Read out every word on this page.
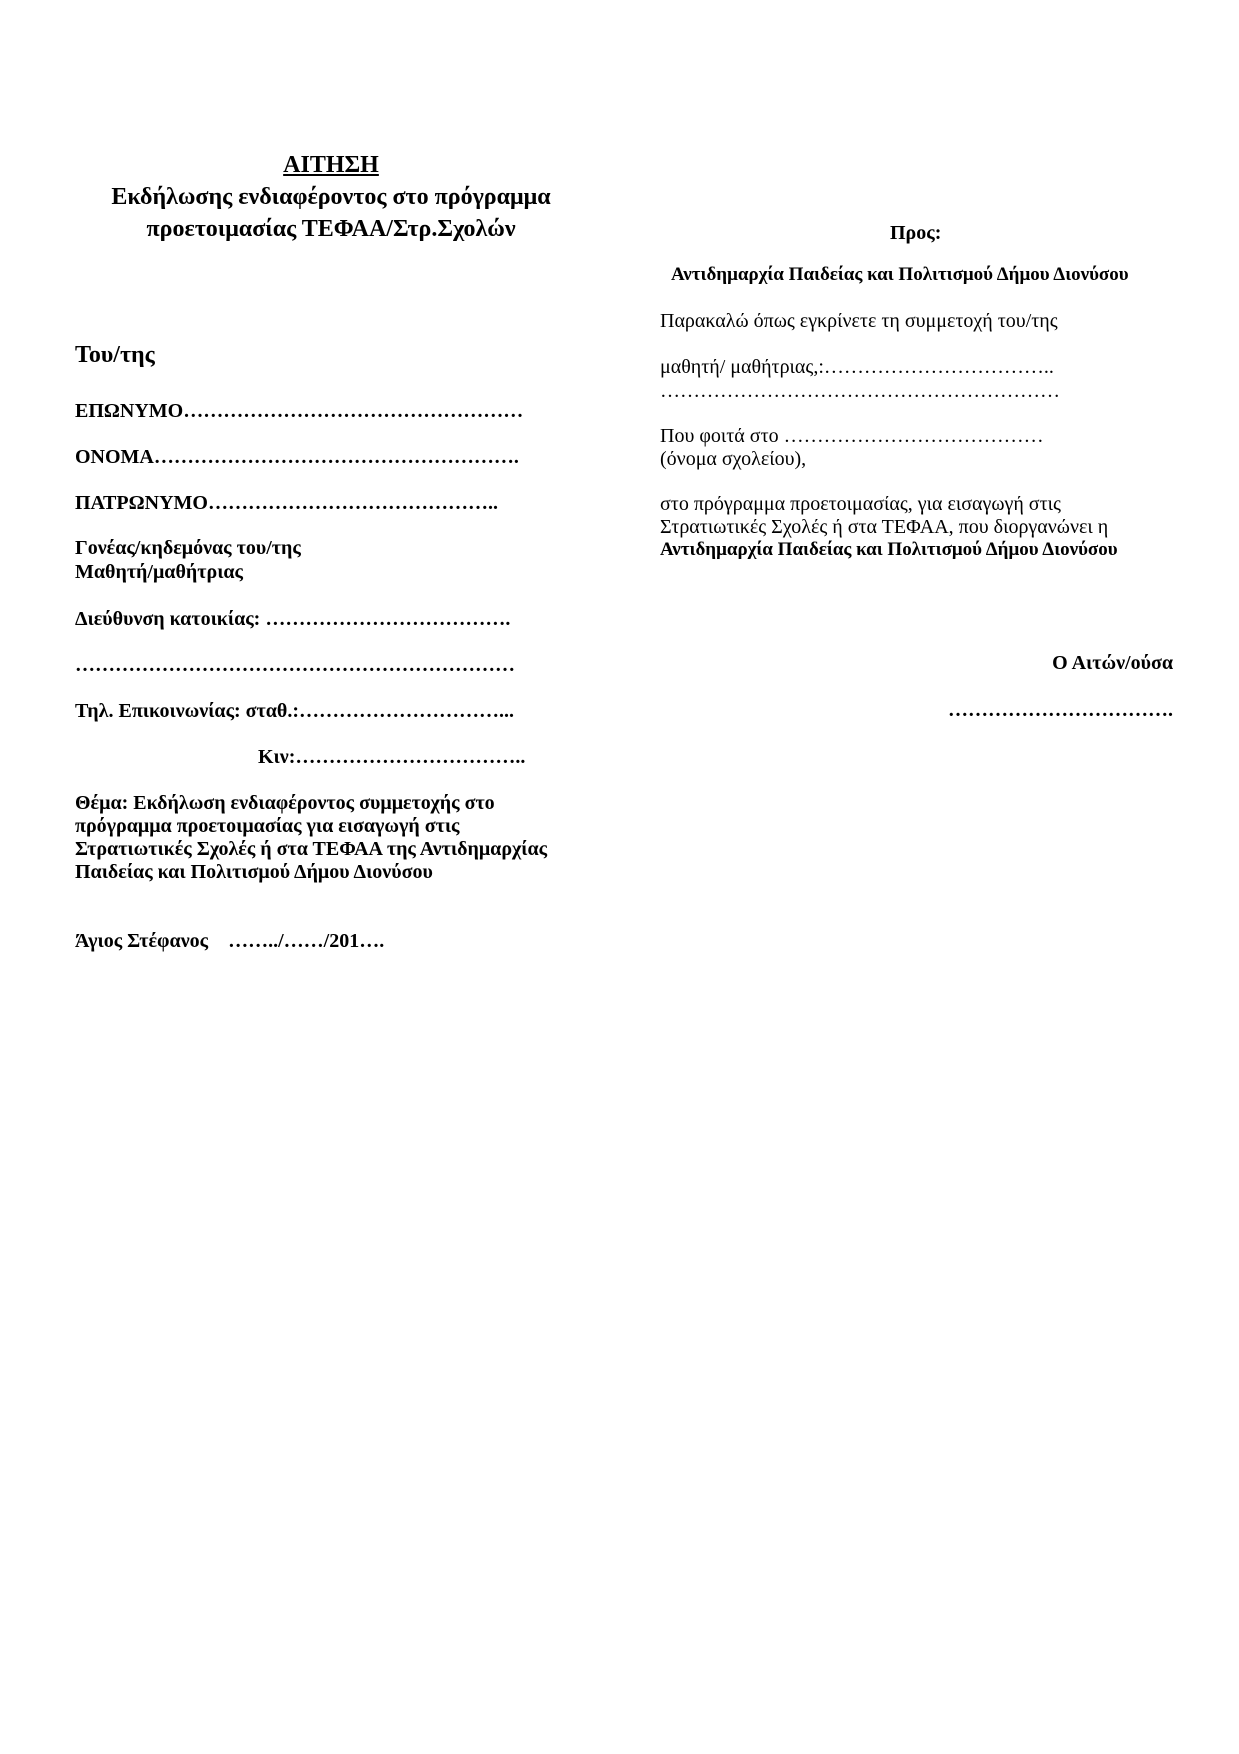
ΑΙΤΗΣΗ
Εκδήλωσης ενδιαφέροντος στο πρόγραμμα
προετοιμασίας ΤΕΦΑΑ/Στρ.Σχολών
Του/της
ΕΠΩΝΥΜΟ……………………………………………
ΟΝΟΜΑ……………………………………………….
ΠΑΤΡΩΝΥΜΟ……………………………………..
Γονέας/κηδεμόνας του/της
Μαθητή/μαθήτριας
Διεύθυνση κατοικίας: ……………………………….
…………………………………………………………
Τηλ. Επικοινωνίας: σταθ.:…………………………...
Κιν:……………………………..
Θέμα: Εκδήλωση ενδιαφέροντος συμμετοχής στο
πρόγραμμα προετοιμασίας για εισαγωγή στις
Στρατιωτικές Σχολές ή στα ΤΕΦΑΑ της Αντιδημαρχίας
Παιδείας και Πολιτισμού Δήμου Διονύσου
Άγιος Στέφανος    ……../……/201….
Προς:
Αντιδημαρχία Παιδείας και Πολιτισμού Δήμου Διονύσου
Παρακαλώ όπως εγκρίνετε τη συμμετοχή του/της
μαθητή/ μαθήτριας,:……………………………..
……………………………………………………
Που φοιτά στο …………………………………
(όνομα σχολείου),
στο πρόγραμμα προετοιμασίας, για εισαγωγή στις
Στρατιωτικές Σχολές ή στα ΤΕΦΑΑ, που διοργανώνει η
Αντιδημαρχία Παιδείας και Πολιτισμού Δήμου Διονύσου
Ο Αιτών/ούσα
…………………………….
